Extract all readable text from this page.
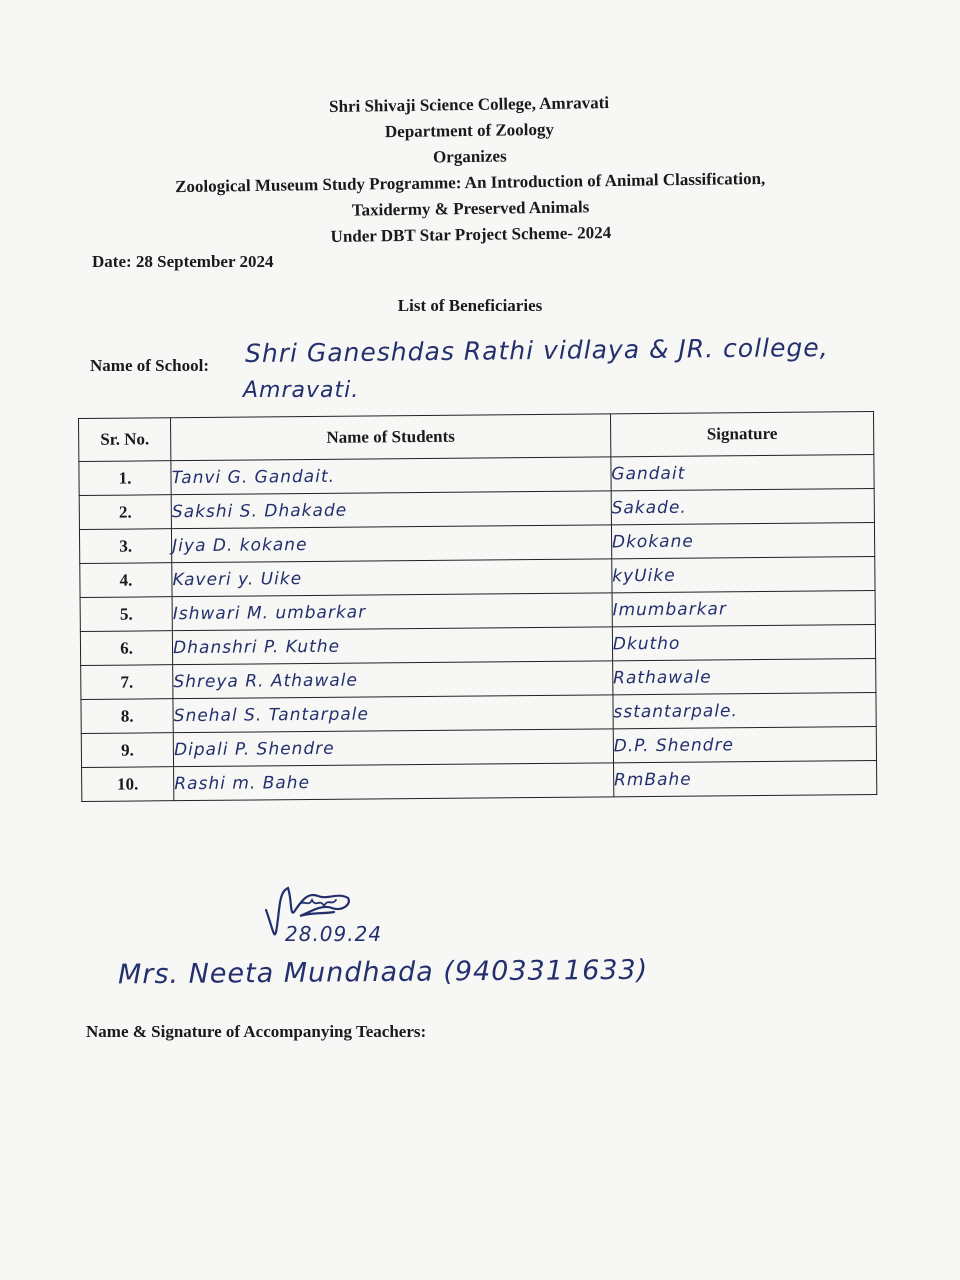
Shri Shivaji Science College, Amravati
Department of Zoology
Organizes
Zoological Museum Study Programme: An Introduction of Animal Classification,
Taxidermy & Preserved Animals
Under DBT Star Project Scheme- 2024
Date: 28 September 2024
List of Beneficiaries
Name of School: Shri Ganeshdas Rathi vidlaya & JR. college,
Amravati.
Sr. No.	Name of Students	Signature
1.	Tanvi G. Gandait.	Gandait
2.	Sakshi S. Dhakade	Sakade.
3.	Jiya D. kokane	Dkokane
4.	Kaveri y. Uike	kyUike
5.	Ishwari M. umbarkar	Imumbarkar
6.	Dhanshri P. Kuthe	Dkutho
7.	Shreya R. Athawale	Rathawale
8.	Snehal S. Tantarpale	sstantarpale.
9.	Dipali P. Shendre	D.P. Shendre
10.	Rashi m. Bahe	RmBahe
28.09.24
Mrs. Neeta Mundhada (9403311633)
Name & Signature of Accompanying Teachers:
